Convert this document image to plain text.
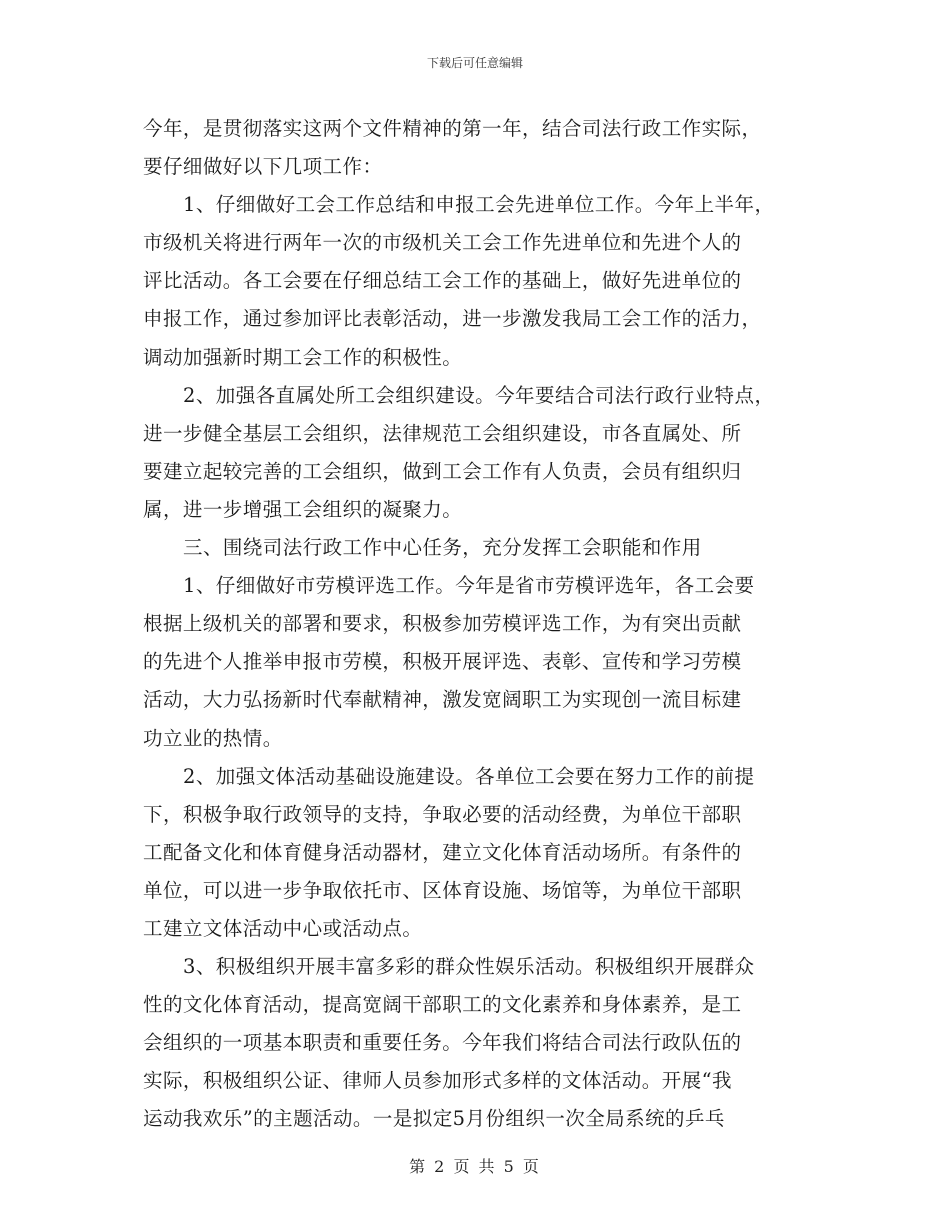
下载后可任意编辑
今年，是贯彻落实这两个文件精神的第一年，结合司法行政工作实际，
要仔细做好以下几项工作：
1、仔细做好工会工作总结和申报工会先进单位工作。今年上半年，
市级机关将进行两年一次的市级机关工会工作先进单位和先进个人的
评比活动。各工会要在仔细总结工会工作的基础上，做好先进单位的
申报工作，通过参加评比表彰活动，进一步激发我局工会工作的活力，
调动加强新时期工会工作的积极性。
2、加强各直属处所工会组织建设。今年要结合司法行政行业特点，
进一步健全基层工会组织，法律规范工会组织建设，市各直属处、所
要建立起较完善的工会组织，做到工会工作有人负责，会员有组织归
属，进一步增强工会组织的凝聚力。
三、围绕司法行政工作中心任务，充分发挥工会职能和作用
1、仔细做好市劳模评选工作。今年是省市劳模评选年，各工会要
根据上级机关的部署和要求，积极参加劳模评选工作，为有突出贡献
的先进个人推举申报市劳模，积极开展评选、表彰、宣传和学习劳模
活动，大力弘扬新时代奉献精神，激发宽阔职工为实现创一流目标建
功立业的热情。
2、加强文体活动基础设施建设。各单位工会要在努力工作的前提
下，积极争取行政领导的支持，争取必要的活动经费，为单位干部职
工配备文化和体育健身活动器材，建立文化体育活动场所。有条件的
单位，可以进一步争取依托市、区体育设施、场馆等，为单位干部职
工建立文体活动中心或活动点。
3、积极组织开展丰富多彩的群众性娱乐活动。积极组织开展群众
性的文化体育活动，提高宽阔干部职工的文化素养和身体素养，是工
会组织的一项基本职责和重要任务。今年我们将结合司法行政队伍的
实际，积极组织公证、律师人员参加形式多样的文体活动。开展“我
运动我欢乐”的主题活动。一是拟定5月份组织一次全局系统的乒乓
第 2 页 共 5 页
